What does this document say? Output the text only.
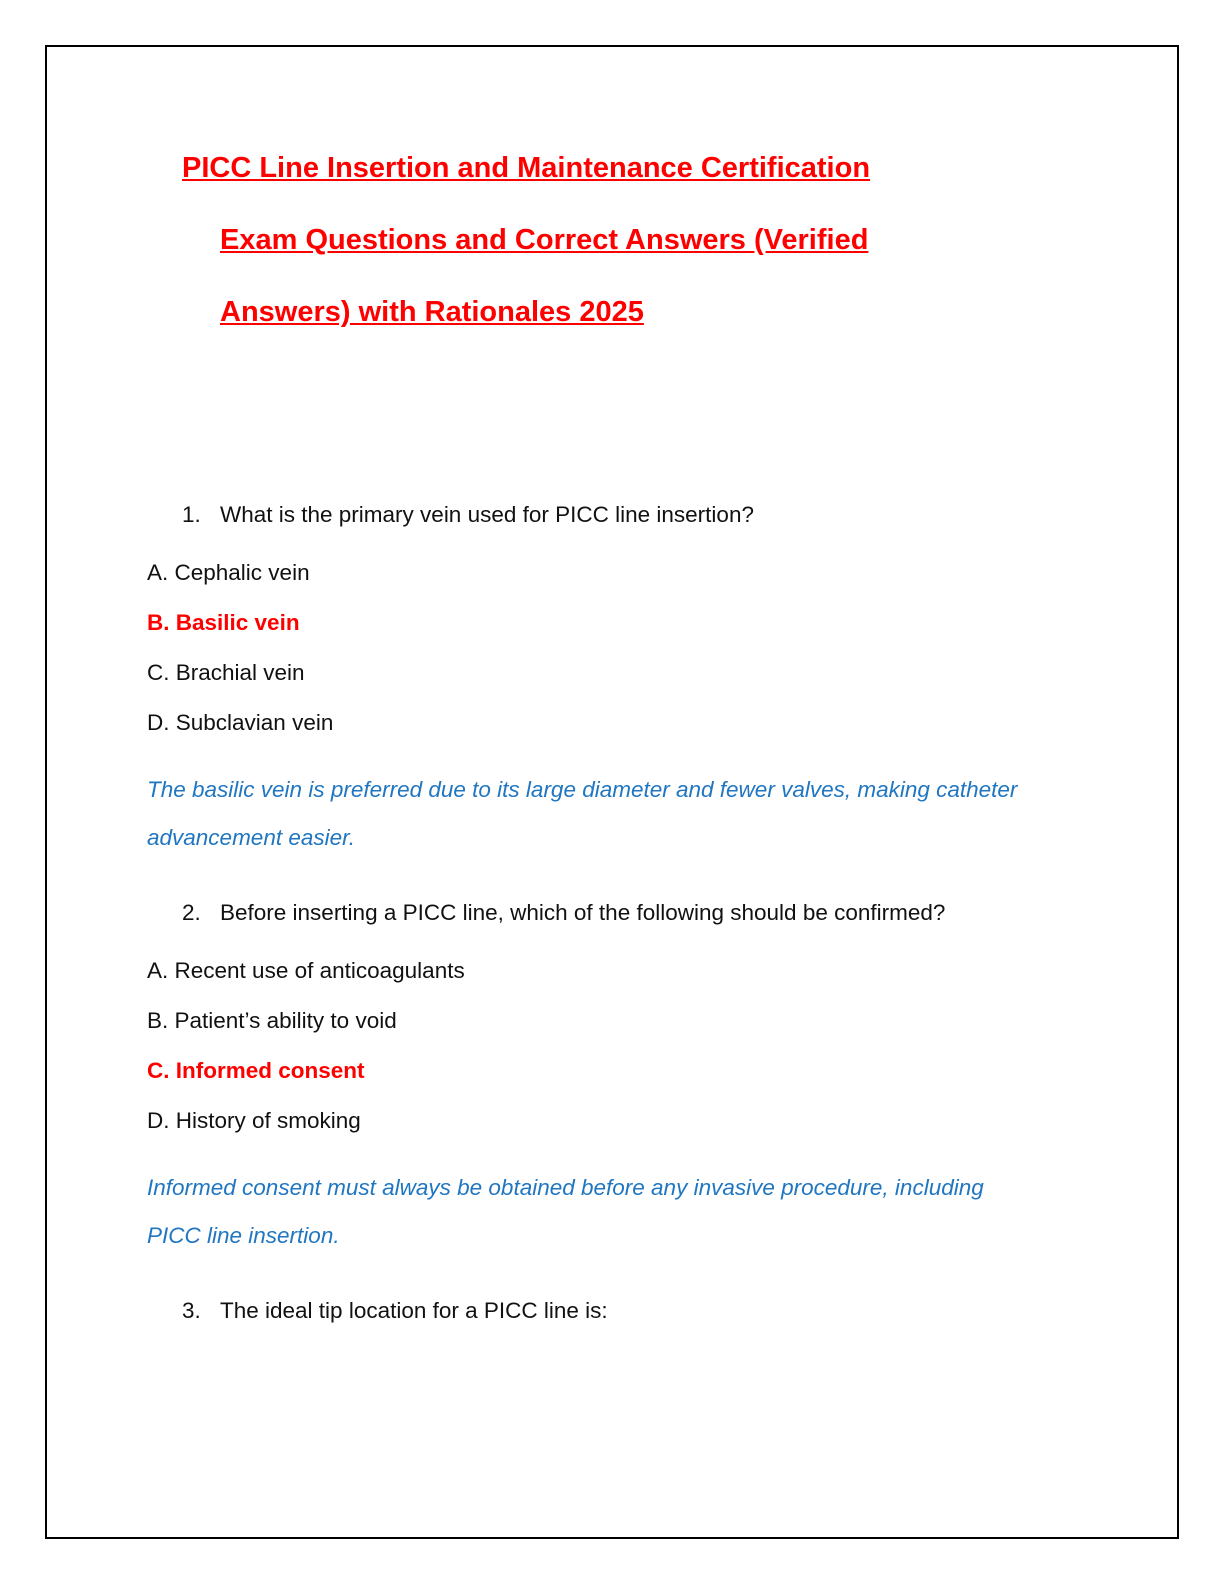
PICC Line Insertion and Maintenance Certification
Exam Questions and Correct Answers (Verified
Answers) with Rationales 2025
1. What is the primary vein used for PICC line insertion?
A. Cephalic vein
B. Basilic vein
C. Brachial vein
D. Subclavian vein
The basilic vein is preferred due to its large diameter and fewer valves, making catheter advancement easier.
2. Before inserting a PICC line, which of the following should be confirmed?
A. Recent use of anticoagulants
B. Patient’s ability to void
C. Informed consent
D. History of smoking
Informed consent must always be obtained before any invasive procedure, including PICC line insertion.
3. The ideal tip location for a PICC line is:
